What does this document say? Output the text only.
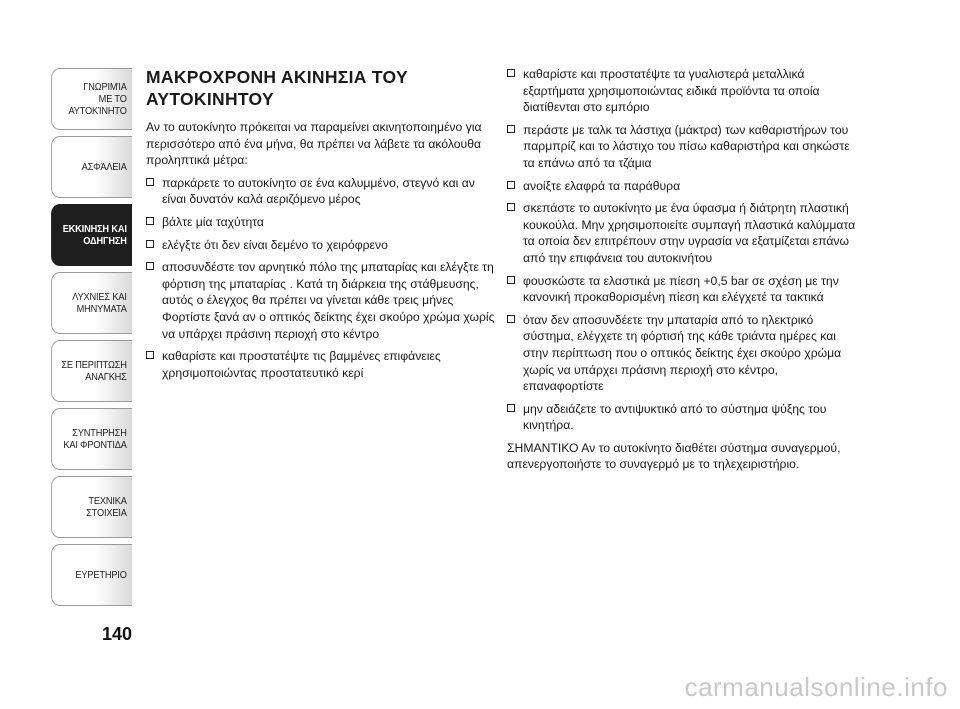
ΓΝΩΡΙΜΊΑ
ΜΕ ΤΟ
ΑΥΤΟΚΊΝΗΤΟ
ΑΣΦΆΛΕΙΑ
ΕΚΚΙΝΗΣΗ ΚΑΙ
ΟΔΗΓΗΣΗ
ΛΥΧΝΙΕΣ ΚΑΙ
ΜΗΝΥΜΑΤΑ
ΣΕ ΠΕΡΙΠΤΩΣΗ
ΑΝΑΓΚΗΣ
ΣΥΝΤΗΡΗΣΗ
ΚΑΙ ΦΡΟΝΤΙΔΑ
ΤΕΧΝΙΚΑ
ΣΤΟΙΧΕΙΑ
ΕΥΡΕΤΗΡΙΟ
140
ΜΑΚΡΟΧΡΟΝΗ ΑΚΙΝΗΣΙΑ ΤΟΥ ΑΥΤΟΚΙΝΗΤΟΥ

Αν το αυτοκίνητο πρόκειται να παραμείνει ακινητοποιημένο για περισσότερο από ένα μήνα, θα πρέπει να λάβετε τα ακόλουθα προληπτικά μέτρα:

παρκάρετε το αυτοκίνητο σε ένα καλυμμένο, στεγνό και αν είναι δυνατόν καλά αεριζόμενο μέρος
βάλτε μία ταχύτητα
ελέγξτε ότι δεν είναι δεμένο το χειρόφρενο
αποσυνδέστε τον αρνητικό πόλο της μπαταρίας και ελέγξτε τη φόρτιση της μπαταρίας . Κατά τη διάρκεια της στάθμευσης, αυτός ο έλεγχος θα πρέπει να γίνεται κάθε τρεις μήνες Φορτίστε ξανά αν ο οπτικός δείκτης έχει σκούρο χρώμα χωρίς να υπάρχει πράσινη περιοχή στο κέντρο
καθαρίστε και προστατέψτε τις βαμμένες επιφάνειες χρησιμοποιώντας προστατευτικό κερί
καθαρίστε και προστατέψτε τα γυαλιστερά μεταλλικά εξαρτήματα χρησιμοποιώντας ειδικά προϊόντα τα οποία διατίθενται στο εμπόριο
περάστε με ταλκ τα λάστιχα (μάκτρα) των καθαριστήρων του παρμπρίζ και το λάστιχο του πίσω καθαριστήρα και σηκώστε τα επάνω από τα τζάμια
ανοίξτε ελαφρά τα παράθυρα
σκεπάστε το αυτοκίνητο με ένα ύφασμα ή διάτρητη πλαστική κουκούλα. Μην χρησιμοποιείτε συμπαγή πλαστικά καλύμματα τα οποία δεν επιτρέπουν στην υγρασία να εξατμίζεται επάνω από την επιφάνεια του αυτοκινήτου
φουσκώστε τα ελαστικά με πίεση +0,5 bar σε σχέση με την κανονική προκαθορισμένη πίεση και ελέγχετέ τα τακτικά
όταν δεν αποσυνδέετε την μπαταρία από το ηλεκτρικό σύστημα, ελέγχετε τη φόρτισή της κάθε τριάντα ημέρες και στην περίπτωση που ο οπτικός δείκτης έχει σκούρο χρώμα χωρίς να υπάρχει πράσινη περιοχή στο κέντρο, επαναφορτίστε
μην αδειάζετε το αντιψυκτικό από το σύστημα ψύξης του κινητήρα.

ΣΗΜΑΝΤΙΚΟ Αν το αυτοκίνητο διαθέτει σύστημα συναγερμού, απενεργοποιήστε το συναγερμό με το τηλεχειριστήριο.

carmanualsonline.info
